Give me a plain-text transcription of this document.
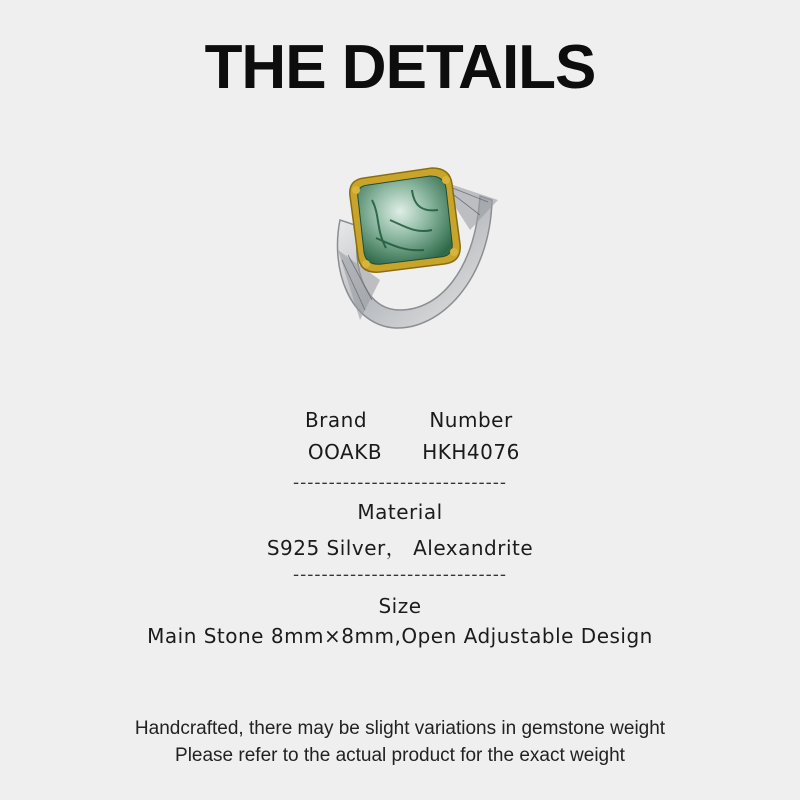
THE DETAILS
Brand	Number
OOAKB	HKH4076
------------------------------
Material
S925 Silver， Alexandrite
------------------------------
Size
Main Stone 8mm×8mm,Open Adjustable Design
Handcrafted, there may be slight variations in gemstone weight
Please refer to the actual product for the exact weight
